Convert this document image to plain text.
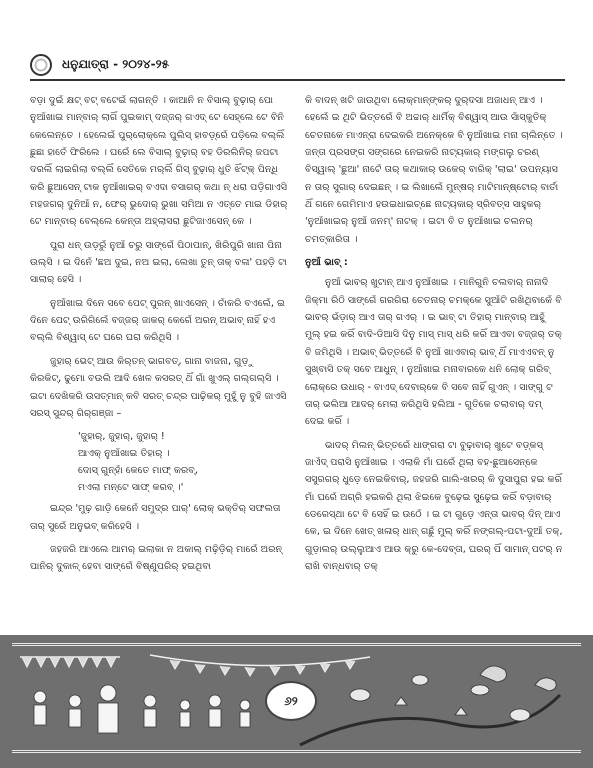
ଧନୁଯାତ୍ରା - ୨୦୨୪-୨୫

ବଡ଼ା ଦୁଇଁ କ୍ଷଟ୍ ବଟ୍ ବଟେଇଁ ଲାଗନ୍ତି । କାଆନି ନ ବିସାଲ୍ ବୁଢ଼ାର୍ ପୋ ନୁଆଁଖାଇ ମାନ୍‌ବାର୍ ଲାଗିଁ ପୁଇକାମ୍ ଦଜ୍ଜର୍ ଗଏଦ୍ ଟେ ସେହ୍‌ଲେ ଟେ ବିନି କେଲେନ୍ତେ । ହେଲେଇଁ ପୁର୍‌ଲୋକ୍‌ଲେ ପୁଲିସ୍ ହାବଡ଼୍‌ରେଁ ପଡ଼ିଲେ ବଲ୍ଲିଁ ଛୁଛା ହାତେଁ ଫିରିଲେ । ଘରେଁ ଲେ ବିସାଲ୍ ବୁଢ଼ାର୍ ବହ ଡିରଲିନିର୍ ଜପଟା ଦରଲିଁ ଲାଇଗିଲା ବଲ୍ଲିଁ ସେତିକେ ମର୍‌ଲିଁ ଗିସ୍ ବୁଢ଼ାର୍ ଧୁତି ଝିଁଟ୍‌କ୍ ପିନ୍ଧି କରି ଛୁଆସେନ୍ ଟାକ ନୁଆଁଖାଇର୍ ବଏଦା ବସାଗର୍ କଥା ନ୍ ଧରା ପଡ଼ିଗାଏସି ମହଜଗର୍ ଦୁନିଆଁ ନ, ଫେର୍ ଭୁଦୋର୍ ଭୁଖା ସମିଆ ନ ଏତ୍ତେ ମାଇ ଡିହାର୍ ଟେ ମାନ୍‌ବାର୍ ବେଲ୍‌ଲେ କେନ୍ତା ଅହ୍ଲାସରା ଛୁଟିଜାଏସେନ୍ କେ ।

ପୁରା ଧନ୍ ଉଡ଼ରୁଁ ନୁଆଁ ଚରୁ ସାଙ୍ଗେଁ ପିଠାପାନ୍, ଖିରିପୁରି ଖାନା ପିନା ଉଲ୍‌ସି । ଇ ଦିନେଁ 'ଛଅ ଦୁଇ, ନଅ ଇଲା, ଲେଖା ତୁନ୍ ତାକ୍ ବଳା' ପହଡ଼ି ଟା ସାଲାର୍ ହେସି ।

ନୁଆଁଖାଇ ଦିନେ ସବେ ପେଟ୍ ପୁରନ୍ ଖାଏସେନ୍ । ଚାଁକରି ବଏଲେଁ, ଇ ଦିନେ ପେଟ୍ ଉରିଗିଲେଁ ବଜ୍ଜର୍ ଜାକର୍ କେଗେଁ ଅରନ୍ ଅଭାବ୍ ନାହିଁ ହଏ ବଲ୍ଲି ବିଶ୍ୱାସ୍ ଟେ ଘରେ ଘରା କରିଥିସି ।

ଜୁହାର୍ ଭେଟ୍ ଆଉ କିର୍‌ତନ୍ ଭାଗବତ୍, ଗାନା ବାଜନା, ଗୁଡ଼ୁ କିରକିଟ୍, ଢୁମୋ ବଉଲି ଆଦି ଖେଳ କସରତ୍ ଥିଁ ଗାଁ ଖୁଏଲ୍ ଗଲ୍‌ଗଲ୍‌ସି । ଇଟା ଦେଖିକରି ଉସତ୍‌ମାନ୍ କବି ସରତ୍ ଚନ୍ଦ୍ର ପାଢ଼ିକର୍ ମୁହୁଁ ନୁ ବୁହି ଜାଏସି ସରସ୍ ସୁନ୍ଦର୍ ଗିର୍‌ଗଞ୍ଜା –

'ଜୁହାର୍, ଜୁହାର୍, ଜୁହାର୍ !
ଆଏକ୍ ନୁଆଁଖାଇ ତିହାର୍ ।
ଦୋସ୍ ଗୁନ୍‌ହାଁ କେତେ ମାଫ୍ କରବ୍,
ମଏଲା ମନ୍‌ଟେ ସାଫ୍ କରବ୍ ।'

ଇନ୍ଦ୍ର 'ମୁଢ଼ ଗାଡ଼ି କେନେଁ ସମୁଦ୍ର ପାର୍' ଲୋକ୍ ଭକ୍ତିର୍ ସଫଲତା ତାର୍ ସୁରେଁ ଅନୁଭବ୍ କରିହେସି ।

ଜହଜରି ଆଏଲେ ଆମର୍ ଇଲାକା ନ ଅକାଲ୍ ମଢ଼ିଡ଼ିର୍ ମାରେଁ ଅରନ୍ ପାନିର୍ ଦୁକାଳ୍ ହେବା ସାଙ୍ଗେଁ ବିଷ୍ଣୁପରିର୍ ହଇଥିବା

କି ବାଦନ୍ ଖଟି ଜାଉଥିବା ଲୋକ୍‌ମାନ୍‌ଙ୍କର୍ ଦୁର୍‌ଦସା ଅଜାଧନ୍ ଆଏ । ହେଲେଁ ଇ ଥିଟି ଭିତ୍ତରେଁ ବି ଅଚ୍ଚାର୍ ଧାର୍ମିକ୍ ବିଶ୍ୱାସ୍ ଆଉ ସାଁସ୍କୁତିକ୍ ଚେତନାକେ ମାଏନ୍‌ରା ଦେଇକରି ଅନେକ୍‌କେ ବି ନୁଆଁଖାଇ ମନା ଚାଲିନ୍ତେ । ଜନ୍ତା ପ୍ରସଙ୍ଗ ସଙ୍ଗରେ ନେଇକରି ନାଟ୍ୟକାର୍ ମଙ୍ଗଲୁ ଚରଣ୍ ବିସ୍ୱାଲ୍ 'ଛୁଆ' ନାଟେଁ ତାର୍ କଥାକାର୍ ଉକେର୍ ବାରିକ୍ 'ଲାଇ' ଉପନ୍ୟାସ ନ ତାର୍ ସୁଗାର୍ ଦେଇଛନ୍ । ଇ ଲିଖାଲେଁ ମୁନ୍‌ଷର୍ ମାଟିମାନ୍‌ଷ୍ଟୋର୍ ବାର୍ତା ଥିଁ ଗନେ ଗେମିମାଏ ହଉଇଧାଇଚ୍ଛେ ନାଟ୍ୟକାର୍ ସ୍ରିବତ୍ସ ସାହୁକର୍ 'ନୁଆଁଖାଇର୍ ନୁଆଁ ଜନମ୍' ନାଟକ୍ । ଇଟା ବି ତ ନୁଆଁଖାଇ ଚଲନର୍ ଚମତ୍କାରିତା ।

ନୁଆଁ ଭାବ୍ :

ନୁଆଁ ଭାବର୍ ଖୁଟାନ୍ ଆଏ ନୁଆଁଖାଇ । ମାନିଗୁନି ଚଲବାର୍ ନାନାଦି ଜିକ୍‌ମା ରିଠି ସାଙ୍ଗେଁ ଗରଗିରା ଚେତନାର୍ ଚମକ୍‌କେ ସୁଆଁଟି ରଖିଥିବାକେଁ ବି ଭାବର୍ ଭଁଡ଼ାର୍ ଆଏ ତାର୍ ଗଏର୍ । ଇ ଭାବ୍ ଟା ତିହାର୍ ମାନ୍‌ବାର୍ ଆହୁଁ ମୁଲ୍ ହଇ କରିଁ ବାଦି-ଡିଆସି ଦିନୁ ମାସ୍ ମାସ୍ ଧରି କରିଁ ଆଏବା ବଜ୍ଜର୍ ତକ୍ ବି ଜମିଥିସି । ଅଭାବ୍ ଭିତ୍ତରେଁ ବି ନୁଆଁ ଖାଏବାର୍ ଭାବ୍ ଥିଁ ମାଏଏବନ୍ ନୁ ସୁଖ୍‌ବାସି ତକ୍ ସବେ ଆଧୁନ୍ । ନୁଆଁଖାଇ ମନାବାରକେ ଧନି ଲୋକ୍ ଗରିବ୍ ଲୋକ୍‌ରେ ଉଧାର୍ - ବାଏଦ୍ ଦେବାର୍‌କେ ବି ସବେ ନାହିଁ ଗୁଏନ୍ । ସାଙ୍ଗୁ ଟ ତାର୍ ଭଲିଆ ଆଦର୍ ମେଲା କରିଥିସି ହଲିଆ - ଗୁତିକେ ଚଲାବାର୍ ଦମ୍ ଦେଇ କରିଁ ।

ଭାଦର୍ ମିଲନ୍ ଭିତ୍ତରେଁ ଧାଙ୍ଗରା ଟା ବୁଢ଼ାବାର୍ ଖୁଟେ ବଡ଼୍‌କସ୍ ଜାଏଁଦ୍ ପରାସି ନୁଆଁଖାଇ । ଏଲାକି ମାଁ ଘରେଁ ଥିଲା ବହ-ଛୁଆସେନ୍‌କେ ସସୁରଗର୍ ଧୁଡ଼େ ନେଇକିବାର୍, ଜହଜରି ଗାଲି-ଖରର୍ କି ଦୁସାପୁରା ହଇ କରିଁ ମାଁ ଘରେଁ ଅଗ୍ରି ହଇକରି ଥିଲା ଝିଇକେ ବୁଢ଼େଇ ସୁଢ଼େଇ କରିଁ ବଡ଼ାବାର୍ ଡେରେସ୍‌ଥା ଟେ ବି ସେହିଁ ଇ ଉଠେଁ । ଇ ଟା ଗୁଡ଼େ ଏନ୍ତା ଭାବର୍ ଦିନ୍ ଆଏ କେ, ଇ ଦିନେ ଖେତ୍ ଖଳାର୍ ଧାନ୍ ଗଛୁଁ ମୁଲ୍ କରିଁ ନଙ୍ଗଲ୍-ପଟା-ଦୁଆଁ ତକ୍, ଗୁଡ଼ାଲର୍ ଉଲ୍ଲୁଆଏ ଆଉ କ୍ରୁ କେ-ଦେବ୍‌ତା, ଘରର୍ ପିଁ ସାମାନ୍ ପଟର୍ ନ ରାଖି ବାନ୍ଧବାର୍ ତକ୍

୬୨
